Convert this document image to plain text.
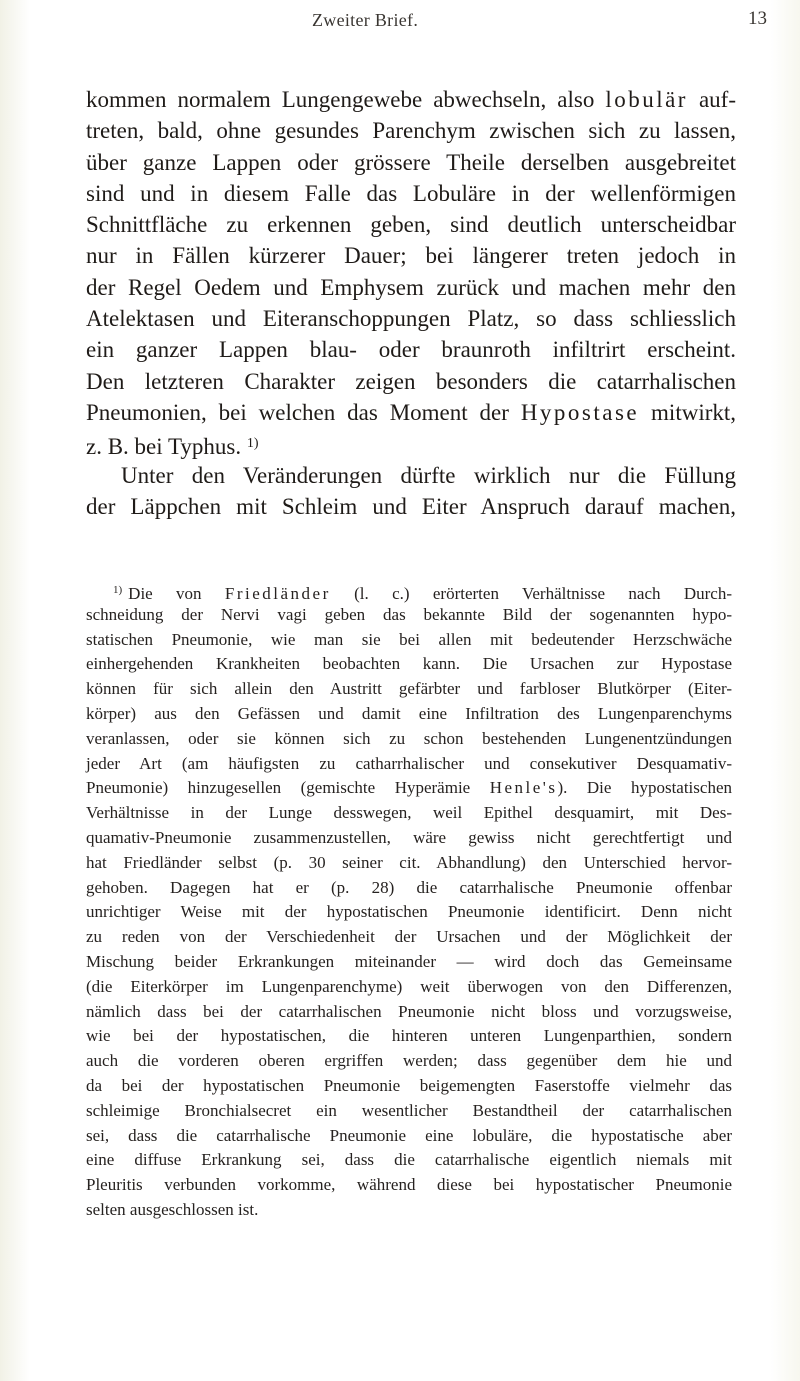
Zweiter Brief.	13
kommen normalem Lungengewebe abwechseln, also lobulär auf-
treten, bald, ohne gesundes Parenchym zwischen sich zu lassen,
über ganze Lappen oder grössere Theile derselben ausgebreitet
sind und in diesem Falle das Lobuläre in der wellenförmigen
Schnittfläche zu erkennen geben, sind deutlich unterscheidbar
nur in Fällen kürzerer Dauer; bei längerer treten jedoch in
der Regel Oedem und Emphysem zurück und machen mehr den
Atelektasen und Eiteranschoppungen Platz, so dass schliesslich
ein ganzer Lappen blau- oder braunroth infiltrirt erscheint.
Den letzteren Charakter zeigen besonders die catarrhalischen
Pneumonien, bei welchen das Moment der Hypostase mitwirkt,
z. B. bei Typhus. $^{1)}$
Unter den Veränderungen dürfte wirklich nur die Füllung
der Läppchen mit Schleim und Eiter Anspruch darauf machen,
$^{1)}$ Die von Friedländer (l. c.) erörterten Verhältnisse nach Durch-
schneidung der Nervi vagi geben das bekannte Bild der sogenannten hypo-
statischen Pneumonie, wie man sie bei allen mit bedeutender Herzschwäche
einhergehenden Krankheiten beobachten kann. Die Ursachen zur Hypostase
können für sich allein den Austritt gefärbter und farbloser Blutkörper (Eiter-
körper) aus den Gefässen und damit eine Infiltration des Lungenparenchyms
veranlassen, oder sie können sich zu schon bestehenden Lungenentzündungen
jeder Art (am häufigsten zu catharrhalischer und consekutiver Desquamativ-
Pneumonie) hinzugesellen (gemischte Hyperämie Henle's). Die hypostatischen
Verhältnisse in der Lunge desswegen, weil Epithel desquamirt, mit Des-
quamativ-Pneumonie zusammenzustellen, wäre gewiss nicht gerechtfertigt und
hat Friedländer selbst (p. 30 seiner cit. Abhandlung) den Unterschied hervor-
gehoben. Dagegen hat er (p. 28) die catarrhalische Pneumonie offenbar
unrichtiger Weise mit der hypostatischen Pneumonie identificirt. Denn nicht
zu reden von der Verschiedenheit der Ursachen und der Möglichkeit der
Mischung beider Erkrankungen miteinander — wird doch das Gemeinsame
(die Eiterkörper im Lungenparenchyme) weit überwogen von den Differenzen,
nämlich dass bei der catarrhalischen Pneumonie nicht bloss und vorzugsweise,
wie bei der hypostatischen, die hinteren unteren Lungenparthien, sondern
auch die vorderen oberen ergriffen werden; dass gegenüber dem hie und
da bei der hypostatischen Pneumonie beigemengten Faserstoffe vielmehr das
schleimige Bronchialsecret ein wesentlicher Bestandtheil der catarrhalischen
sei, dass die catarrhalische Pneumonie eine lobuläre, die hypostatische aber
eine diffuse Erkrankung sei, dass die catarrhalische eigentlich niemals mit
Pleuritis verbunden vorkomme, während diese bei hypostatischer Pneumonie
selten ausgeschlossen ist.
